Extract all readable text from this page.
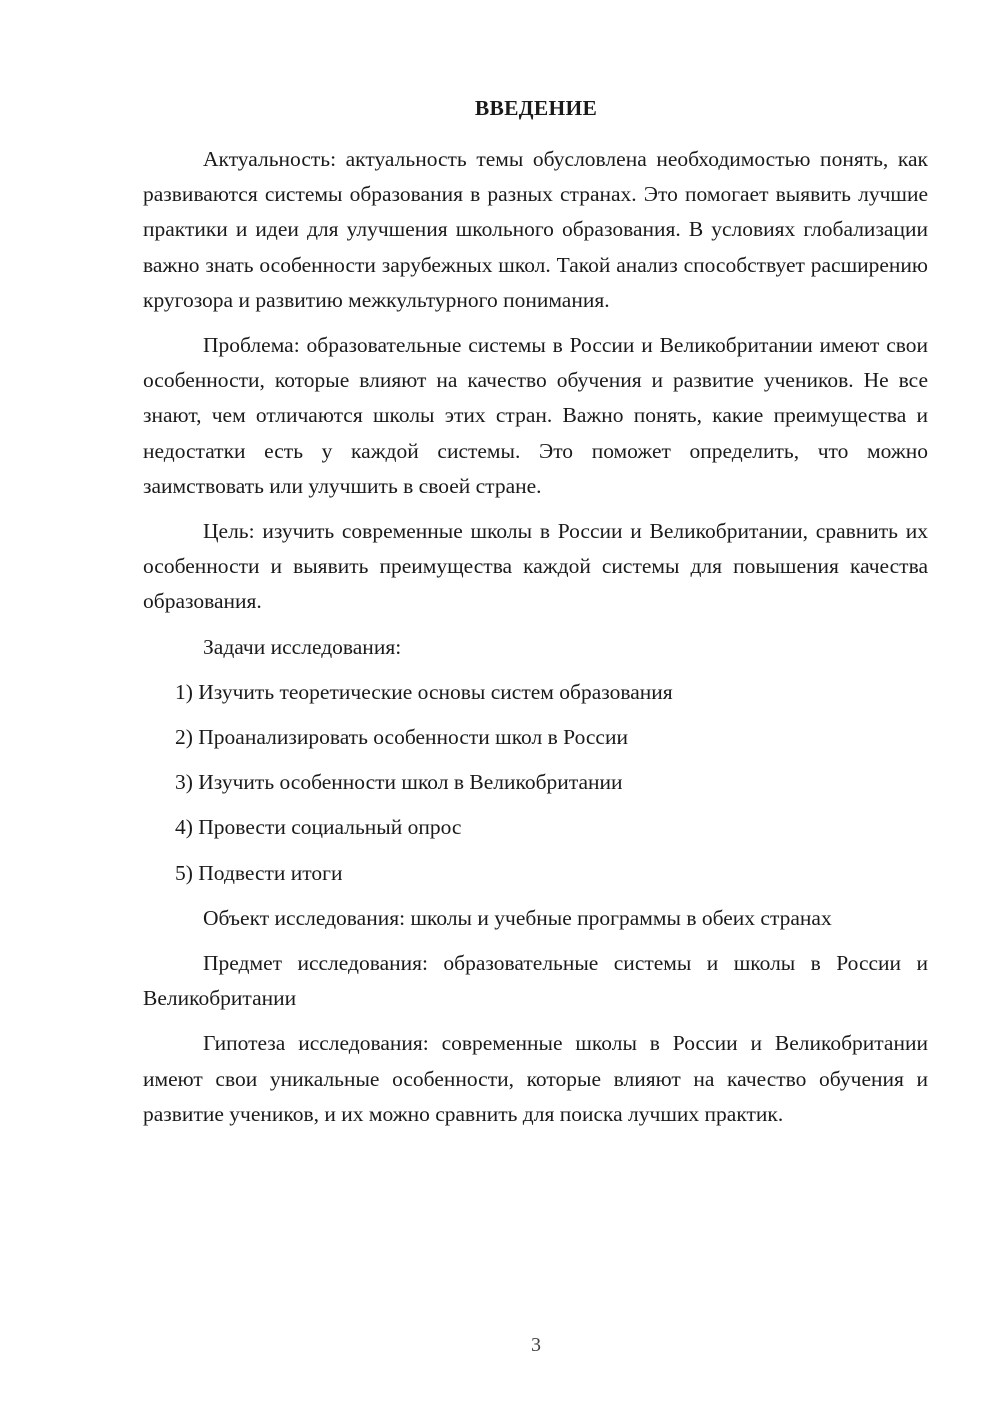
ВВЕДЕНИЕ

Актуальность: актуальность темы обусловлена необходимостью понять, как развиваются системы образования в разных странах. Это помогает выявить лучшие практики и идеи для улучшения школьного образования. В условиях глобализации важно знать особенности зарубежных школ. Такой анализ способствует расширению кругозора и развитию межкультурного понимания.

Проблема: образовательные системы в России и Великобритании имеют свои особенности, которые влияют на качество обучения и развитие учеников. Не все знают, чем отличаются школы этих стран. Важно понять, какие преимущества и недостатки есть у каждой системы. Это поможет определить, что можно заимствовать или улучшить в своей стране.

Цель: изучить современные школы в России и Великобритании, сравнить их особенности и выявить преимущества каждой системы для повышения качества образования.

Задачи исследования:

1) Изучить теоретические основы систем образования

2) Проанализировать особенности школ в России

3) Изучить особенности школ в Великобритании

4) Провести социальный опрос

5) Подвести итоги

Объект исследования: школы и учебные программы в обеих странах

Предмет исследования: образовательные системы и школы в России и Великобритании

Гипотеза исследования: современные школы в России и Великобритании имеют свои уникальные особенности, которые влияют на качество обучения и развитие учеников, и их можно сравнить для поиска лучших практик.

3
